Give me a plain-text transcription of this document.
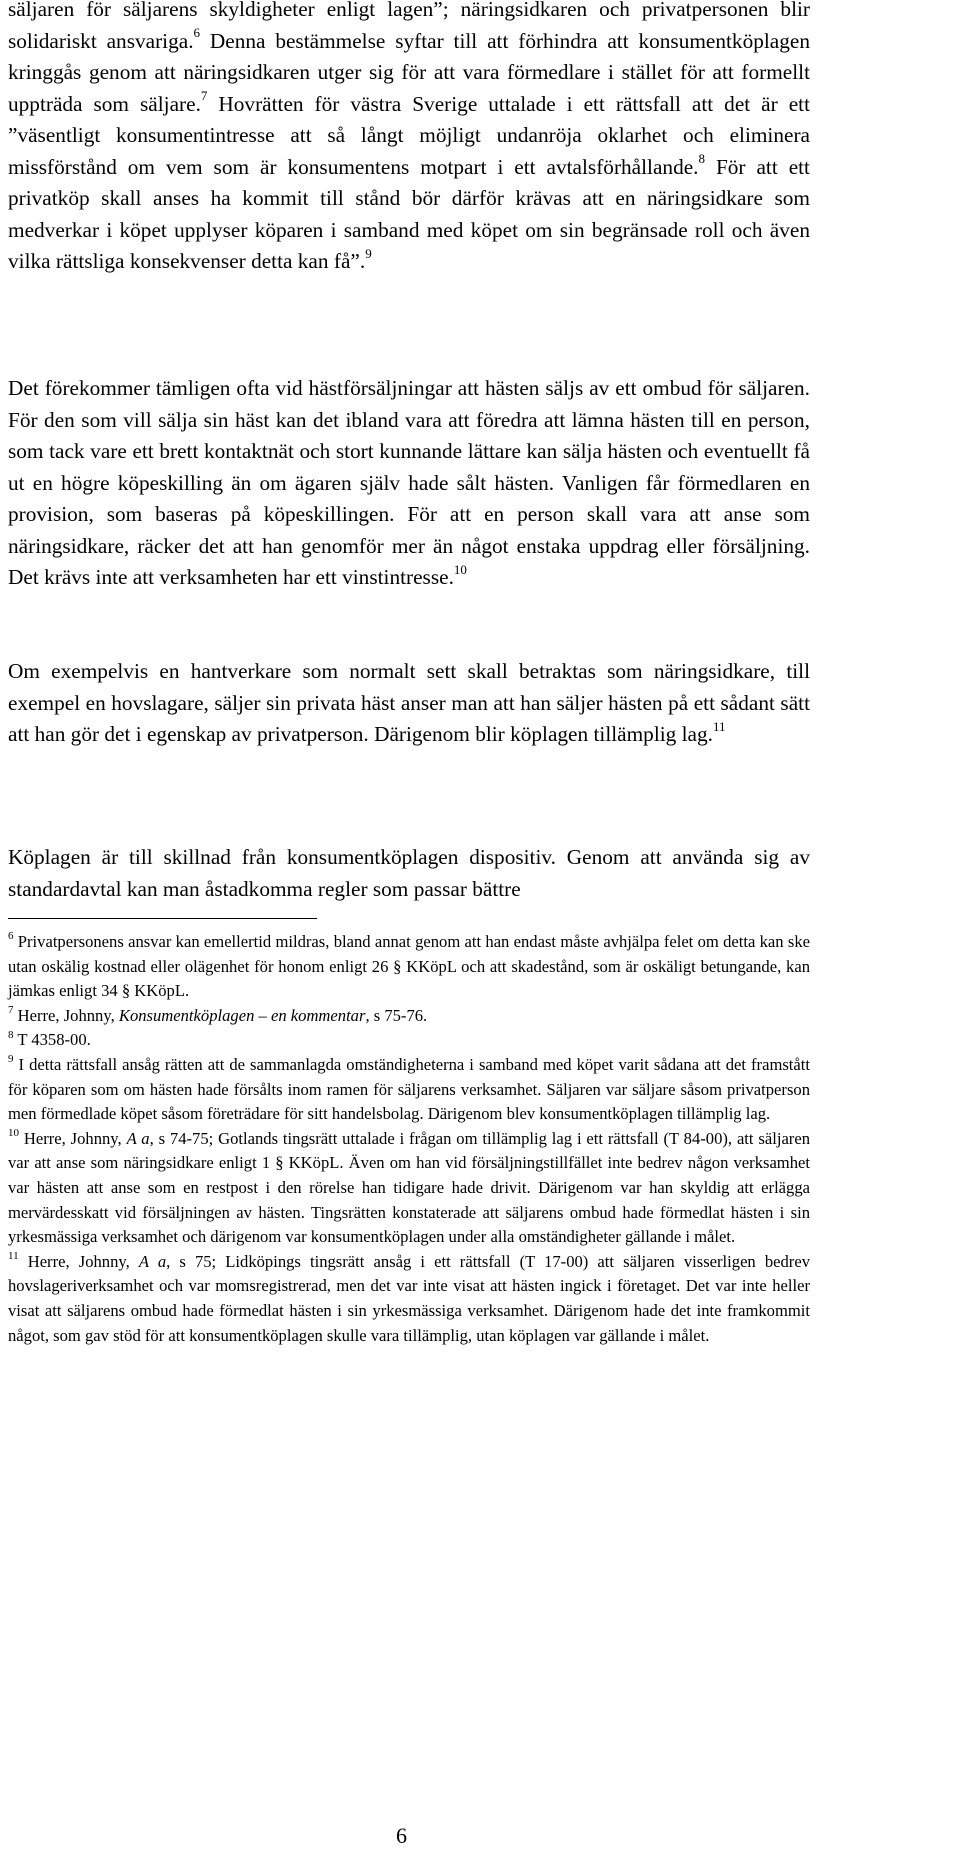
säljaren för säljarens skyldigheter enligt lagen”; näringsidkaren och privatpersonen blir solidariskt ansvariga.$^6$ Denna bestämmelse syftar till att förhindra att konsumentköplagen kringgås genom att näringsidkaren utger sig för att vara förmedlare i stället för att formellt uppträda som säljare.$^7$ Hovrätten för västra Sverige uttalade i ett rättsfall att det är ett ”väsentligt konsumentintresse att så långt möjligt undanröja oklarhet och eliminera missförstånd om vem som är konsumentens motpart i ett avtalsförhållande.$^8$ För att ett privatköp skall anses ha kommit till stånd bör därför krävas att en näringsidkare som medverkar i köpet upplyser köparen i samband med köpet om sin begränsade roll och även vilka rättsliga konsekvenser detta kan få”.$^9$

Det förekommer tämligen ofta vid hästförsäljningar att hästen säljs av ett ombud för säljaren. För den som vill sälja sin häst kan det ibland vara att föredra att lämna hästen till en person, som tack vare ett brett kontaktnät och stort kunnande lättare kan sälja hästen och eventuellt få ut en högre köpeskilling än om ägaren själv hade sålt hästen. Vanligen får förmedlaren en provision, som baseras på köpeskillingen. För att en person skall vara att anse som näringsidkare, räcker det att han genomför mer än något enstaka uppdrag eller försäljning. Det krävs inte att verksamheten har ett vinstintresse.$^{10}$

Om exempelvis en hantverkare som normalt sett skall betraktas som näringsidkare, till exempel en hovslagare, säljer sin privata häst anser man att han säljer hästen på ett sådant sätt att han gör det i egenskap av privatperson. Därigenom blir köplagen tillämplig lag.$^{11}$

Köplagen är till skillnad från konsumentköplagen dispositiv. Genom att använda sig av standardavtal kan man åstadkomma regler som passar bättre

$^6$ Privatpersonens ansvar kan emellertid mildras, bland annat genom att han endast måste avhjälpa felet om detta kan ske utan oskälig kostnad eller olägenhet för honom enligt 26 § KKöpL och att skadestånd, som är oskäligt betungande, kan jämkas enligt 34 § KKöpL.

$^7$ Herre, Johnny, Konsumentköplagen – en kommentar, s 75-76.

$^8$ T 4358-00.

$^9$ I detta rättsfall ansåg rätten att de sammanlagda omständigheterna i samband med köpet varit sådana att det framstått för köparen som om hästen hade försålts inom ramen för säljarens verksamhet. Säljaren var säljare såsom privatperson men förmedlade köpet såsom företrädare för sitt handelsbolag. Därigenom blev konsumentköplagen tillämplig lag.

$^{10}$ Herre, Johnny, A a, s 74-75; Gotlands tingsrätt uttalade i frågan om tillämplig lag i ett rättsfall (T 84-00), att säljaren var att anse som näringsidkare enligt 1 § KKöpL. Även om han vid försäljningstillfället inte bedrev någon verksamhet var hästen att anse som en restpost i den rörelse han tidigare hade drivit. Därigenom var han skyldig att erlägga mervärdesskatt vid försäljningen av hästen. Tingsrätten konstaterade att säljarens ombud hade förmedlat hästen i sin yrkesmässiga verksamhet och därigenom var konsumentköplagen under alla omständigheter gällande i målet.

$^{11}$ Herre, Johnny, A a, s 75; Lidköpings tingsrätt ansåg i ett rättsfall (T 17-00) att säljaren visserligen bedrev hovslageriverksamhet och var momsregistrerad, men det var inte visat att hästen ingick i företaget. Det var inte heller visat att säljarens ombud hade förmedlat hästen i sin yrkesmässiga verksamhet. Därigenom hade det inte framkommit något, som gav stöd för att konsumentköplagen skulle vara tillämplig, utan köplagen var gällande i målet.

6
